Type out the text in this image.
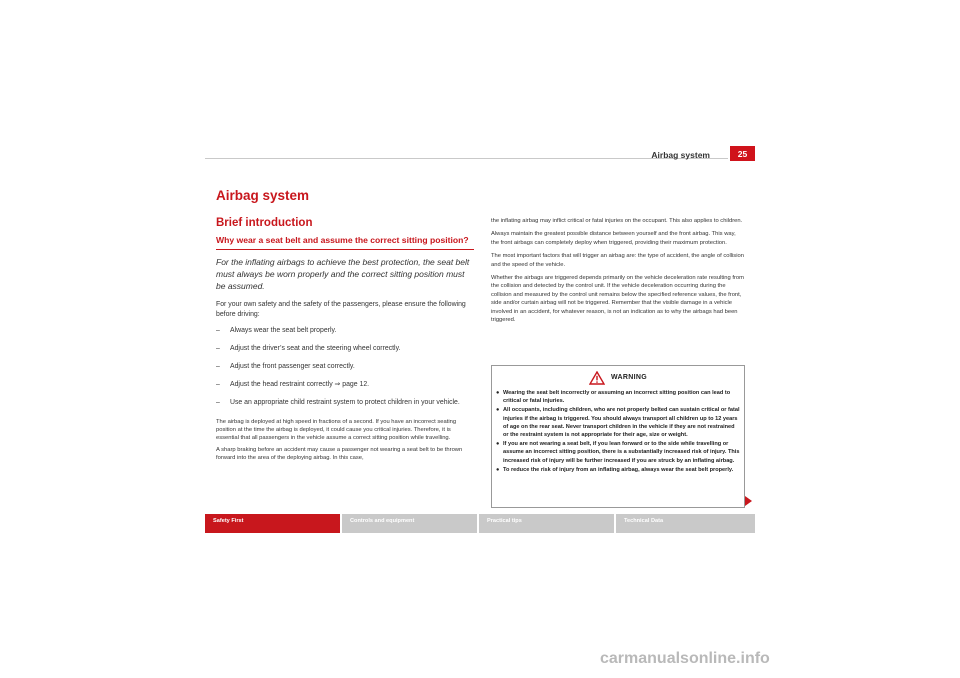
Airbag system	25
Airbag system
Brief introduction
Why wear a seat belt and assume the correct sitting position?

For the inflating airbags to achieve the best protection, the seat belt must always be worn properly and the correct sitting position must be assumed.

For your own safety and the safety of the passengers, please ensure the following before driving:

– Always wear the seat belt properly.
– Adjust the driver’s seat and the steering wheel correctly.
– Adjust the front passenger seat correctly.
– Adjust the head restraint correctly ⇒ page 12.
– Use an appropriate child restraint system to protect children in your vehicle.

The airbag is deployed at high speed in fractions of a second. If you have an incorrect seating position at the time the airbag is deployed, it could cause you critical injuries. Therefore, it is essential that all passengers in the vehicle assume a correct sitting position while travelling.

A sharp braking before an accident may cause a passenger not wearing a seat belt to be thrown forward into the area of the deploying airbag. In this case,

the inflating airbag may inflict critical or fatal injuries on the occupant. This also applies to children.

Always maintain the greatest possible distance between yourself and the front airbag. This way, the front airbags can completely deploy when triggered, providing their maximum protection.

The most important factors that will trigger an airbag are: the type of accident, the angle of collision and the speed of the vehicle.

Whether the airbags are triggered depends primarily on the vehicle deceleration rate resulting from the collision and detected by the control unit. If the vehicle deceleration occurring during the collision and measured by the control unit remains below the specified reference values, the front, side and/or curtain airbag will not be triggered. Remember that the visible damage in a vehicle involved in an accident, for whatever reason, is not an indication as to why the airbags had been triggered.

WARNING
● Wearing the seat belt incorrectly or assuming an incorrect sitting position can lead to critical or fatal injuries.
● All occupants, including children, who are not properly belted can sustain critical or fatal injuries if the airbag is triggered. You should always transport all children up to 12 years of age on the rear seat. Never transport children in the vehicle if they are not restrained or the restraint system is not appropriate for their age, size or weight.
● If you are not wearing a seat belt, if you lean forward or to the side while travelling or assume an incorrect sitting position, there is a substantially increased risk of injury. This increased risk of injury will be further increased if you are struck by an inflating airbag.
● To reduce the risk of injury from an inflating airbag, always wear the seat belt properly.
Safety First	Controls and equipment	Practical tips	Technical Data
carmanualsonline.info
